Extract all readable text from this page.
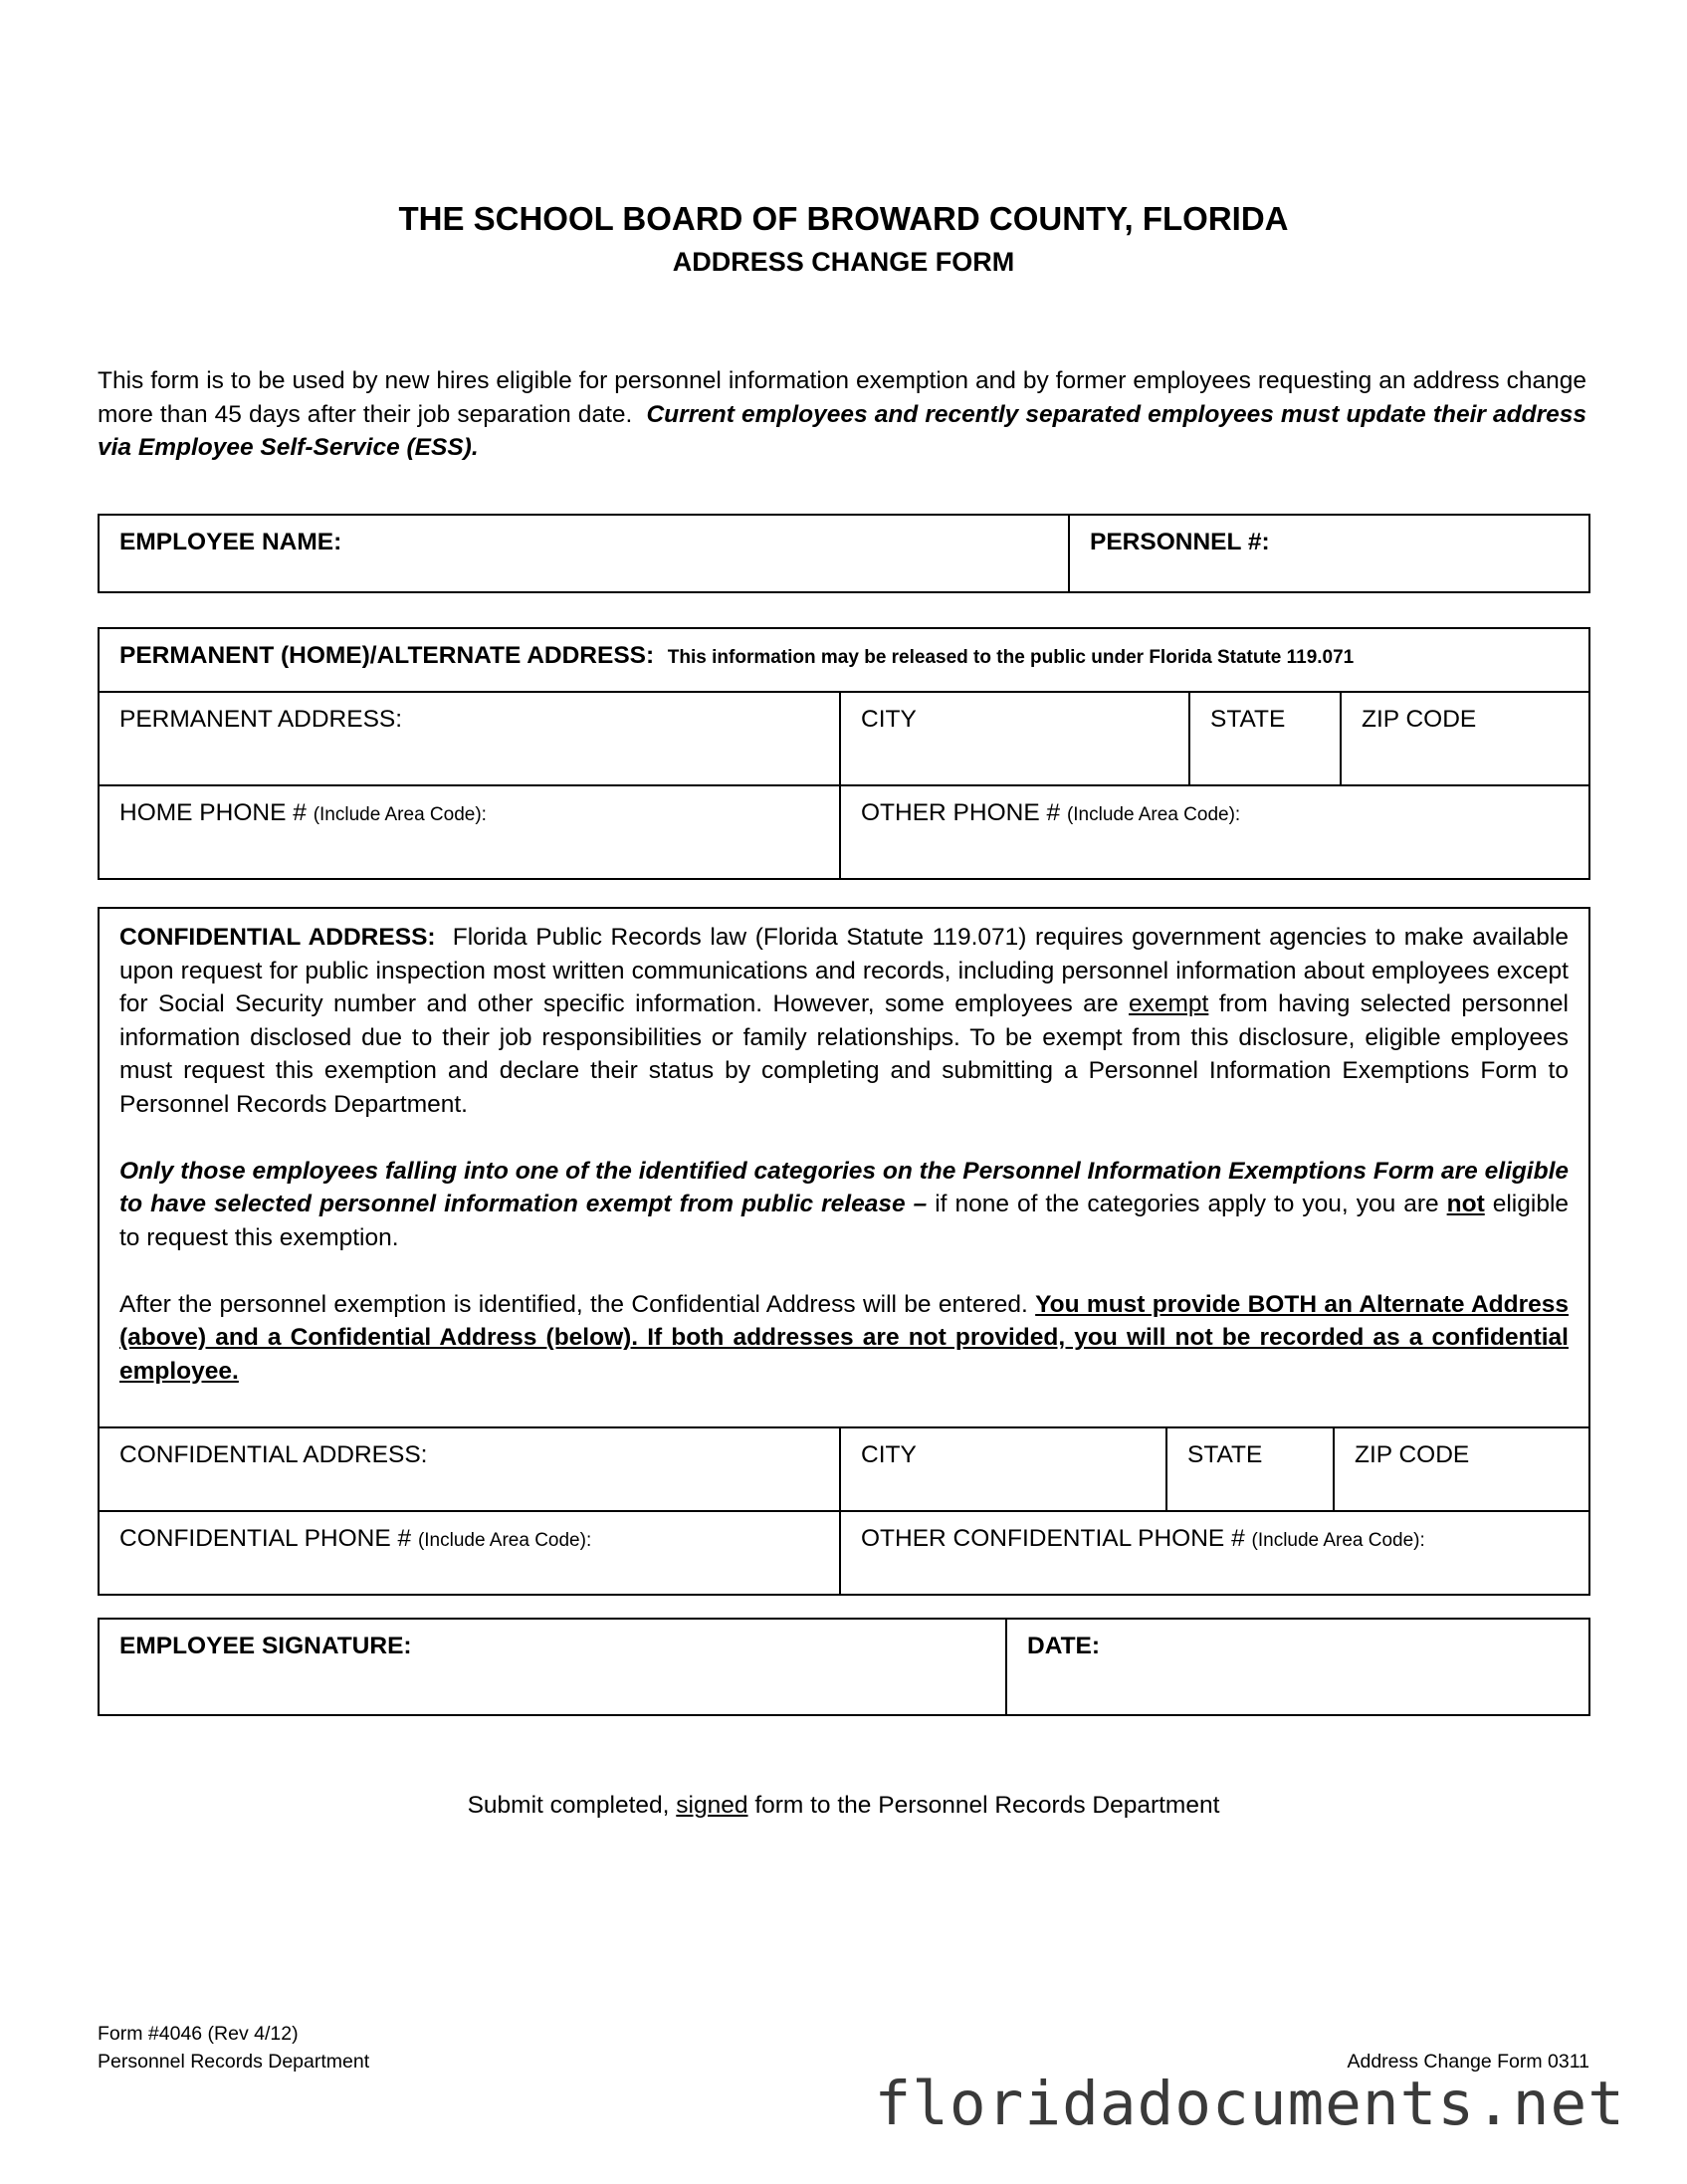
THE SCHOOL BOARD OF BROWARD COUNTY, FLORIDA
ADDRESS CHANGE FORM
This form is to be used by new hires eligible for personnel information exemption and by former employees requesting an address change more than 45 days after their job separation date. Current employees and recently separated employees must update their address via Employee Self-Service (ESS).
EMPLOYEE NAME:	PERSONNEL #:
PERMANENT (HOME)/ALTERNATE ADDRESS: This information may be released to the public under Florida Statute 119.071			
PERMANENT ADDRESS:	CITY	STATE	ZIP CODE
HOME PHONE # (Include Area Code):	OTHER PHONE # (Include Area Code):		

CONFIDENTIAL ADDRESS: Florida Public Records law (Florida Statute 119.071) requires government agencies to make available upon request for public inspection most written communications and records, including personnel information about employees except for Social Security number and other specific information. However, some employees are exempt from having selected personnel information disclosed due to their job responsibilities or family relationships. To be exempt from this disclosure, eligible employees must request this exemption and declare their status by completing and submitting a Personnel Information Exemptions Form to Personnel Records Department.

Only those employees falling into one of the identified categories on the Personnel Information Exemptions Form are eligible to have selected personnel information exempt from public release – if none of the categories apply to you, you are not eligible to request this exemption.

After the personnel exemption is identified, the Confidential Address will be entered. You must provide BOTH an Alternate Address (above) and a Confidential Address (below). If both addresses are not provided, you will not be recorded as a confidential employee.			

CONFIDENTIAL ADDRESS:	CITY	STATE	ZIP CODE
CONFIDENTIAL PHONE # (Include Area Code):	OTHER CONFIDENTIAL PHONE # (Include Area Code):		
EMPLOYEE SIGNATURE:	DATE:
Submit completed, signed form to the Personnel Records Department
Form #4046 (Rev 4/12)
Personnel Records Department	Address Change Form 0311
floridadocuments.net
